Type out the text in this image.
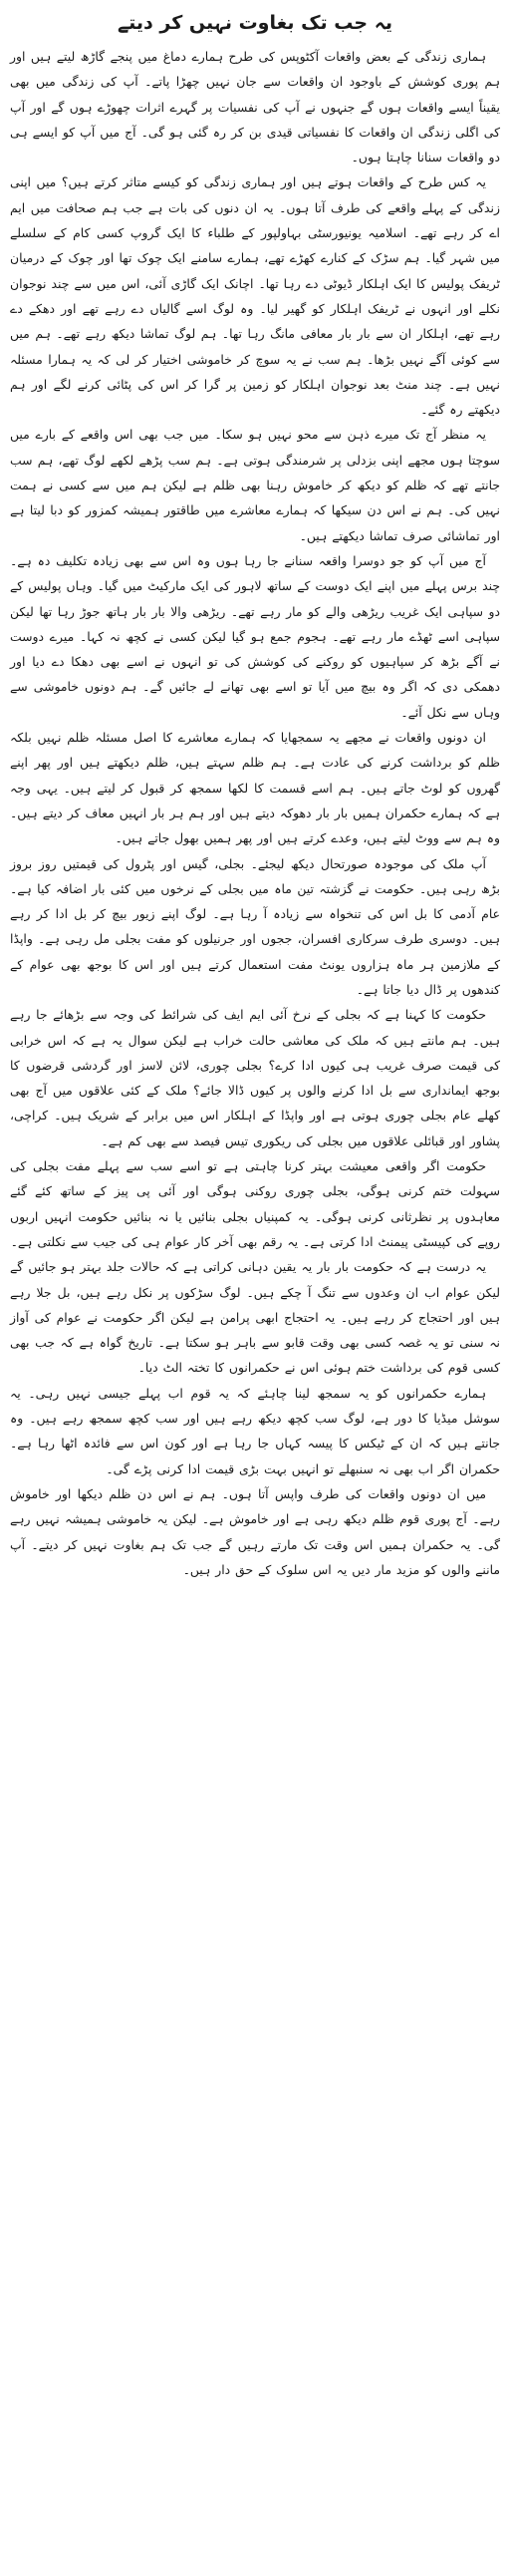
یہ جب تک بغاوت نہیں کر دیتے

ہماری زندگی کے بعض واقعات آکٹوپس کی طرح ہمارے دماغ میں پنجے گاڑھ لیتے ہیں اور ہم پوری کوشش کے باوجود ان واقعات سے جان نہیں چھڑا پاتے۔ آپ کی زندگی میں بھی یقیناً ایسے واقعات ہوں گے جنہوں نے آپ کی نفسیات پر گہرے اثرات چھوڑے ہوں گے اور آپ کی اگلی زندگی ان واقعات کا نفسیاتی قیدی بن کر رہ گئی ہو گی۔ آج میں آپ کو ایسے ہی دو واقعات سنانا چاہتا ہوں۔

یہ کس طرح کے واقعات ہوتے ہیں اور ہماری زندگی کو کیسے متاثر کرتے ہیں؟ میں اپنی زندگی کے پہلے واقعے کی طرف آتا ہوں۔ یہ ان دنوں کی بات ہے جب ہم صحافت میں ایم اے کر رہے تھے۔ اسلامیہ یونیورسٹی بہاولپور کے طلباء کا ایک گروپ کسی کام کے سلسلے میں شہر گیا۔ ہم سڑک کے کنارے کھڑے تھے، ہمارے سامنے ایک چوک تھا اور چوک کے درمیان ٹریفک پولیس کا ایک اہلکار ڈیوٹی دے رہا تھا۔ اچانک ایک گاڑی آئی، اس میں سے چند نوجوان نکلے اور انہوں نے ٹریفک اہلکار کو گھیر لیا۔ وہ لوگ اسے گالیاں دے رہے تھے اور دھکے دے رہے تھے، اہلکار ان سے بار بار معافی مانگ رہا تھا۔ ہم لوگ تماشا دیکھ رہے تھے۔ ہم میں سے کوئی آگے نہیں بڑھا۔ ہم سب نے یہ سوچ کر خاموشی اختیار کر لی کہ یہ ہمارا مسئلہ نہیں ہے۔ چند منٹ بعد نوجوان اہلکار کو زمین پر گرا کر اس کی پٹائی کرنے لگے اور ہم دیکھتے رہ گئے۔

یہ منظر آج تک میرے ذہن سے محو نہیں ہو سکا۔ میں جب بھی اس واقعے کے بارے میں سوچتا ہوں مجھے اپنی بزدلی پر شرمندگی ہوتی ہے۔ ہم سب پڑھے لکھے لوگ تھے، ہم سب جانتے تھے کہ ظلم کو دیکھ کر خاموش رہنا بھی ظلم ہے لیکن ہم میں سے کسی نے ہمت نہیں کی۔ ہم نے اس دن سیکھا کہ ہمارے معاشرے میں طاقتور ہمیشہ کمزور کو دبا لیتا ہے اور تماشائی صرف تماشا دیکھتے ہیں۔

آج میں آپ کو جو دوسرا واقعہ سنانے جا رہا ہوں وہ اس سے بھی زیادہ تکلیف دہ ہے۔ چند برس پہلے میں اپنے ایک دوست کے ساتھ لاہور کی ایک مارکیٹ میں گیا۔ وہاں پولیس کے دو سپاہی ایک غریب ریڑھی والے کو مار رہے تھے۔ ریڑھی والا بار بار ہاتھ جوڑ رہا تھا لیکن سپاہی اسے ٹھڈے مار رہے تھے۔ ہجوم جمع ہو گیا لیکن کسی نے کچھ نہ کہا۔ میرے دوست نے آگے بڑھ کر سپاہیوں کو روکنے کی کوشش کی تو انہوں نے اسے بھی دھکا دے دیا اور دھمکی دی کہ اگر وہ بیچ میں آیا تو اسے بھی تھانے لے جائیں گے۔ ہم دونوں خاموشی سے وہاں سے نکل آئے۔

ان دونوں واقعات نے مجھے یہ سمجھایا کہ ہمارے معاشرے کا اصل مسئلہ ظلم نہیں بلکہ ظلم کو برداشت کرنے کی عادت ہے۔ ہم ظلم سہتے ہیں، ظلم دیکھتے ہیں اور پھر اپنے گھروں کو لوٹ جاتے ہیں۔ ہم اسے قسمت کا لکھا سمجھ کر قبول کر لیتے ہیں۔ یہی وجہ ہے کہ ہمارے حکمران ہمیں بار بار دھوکہ دیتے ہیں اور ہم ہر بار انہیں معاف کر دیتے ہیں۔ وہ ہم سے ووٹ لیتے ہیں، وعدے کرتے ہیں اور پھر ہمیں بھول جاتے ہیں۔

آپ ملک کی موجودہ صورتحال دیکھ لیجئے۔ بجلی، گیس اور پٹرول کی قیمتیں روز بروز بڑھ رہی ہیں۔ حکومت نے گزشتہ تین ماہ میں بجلی کے نرخوں میں کئی بار اضافہ کیا ہے۔ عام آدمی کا بل اس کی تنخواہ سے زیادہ آ رہا ہے۔ لوگ اپنے زیور بیچ کر بل ادا کر رہے ہیں۔ دوسری طرف سرکاری افسران، ججوں اور جرنیلوں کو مفت بجلی مل رہی ہے۔ واپڈا کے ملازمین ہر ماہ ہزاروں یونٹ مفت استعمال کرتے ہیں اور اس کا بوجھ بھی عوام کے کندھوں پر ڈال دیا جاتا ہے۔

حکومت کا کہنا ہے کہ بجلی کے نرخ آئی ایم ایف کی شرائط کی وجہ سے بڑھائے جا رہے ہیں۔ ہم مانتے ہیں کہ ملک کی معاشی حالت خراب ہے لیکن سوال یہ ہے کہ اس خرابی کی قیمت صرف غریب ہی کیوں ادا کرے؟ بجلی چوری، لائن لاسز اور گردشی قرضوں کا بوجھ ایمانداری سے بل ادا کرنے والوں پر کیوں ڈالا جائے؟ ملک کے کئی علاقوں میں آج بھی کھلے عام بجلی چوری ہوتی ہے اور واپڈا کے اہلکار اس میں برابر کے شریک ہیں۔ کراچی، پشاور اور قبائلی علاقوں میں بجلی کی ریکوری تیس فیصد سے بھی کم ہے۔

حکومت اگر واقعی معیشت بہتر کرنا چاہتی ہے تو اسے سب سے پہلے مفت بجلی کی سہولت ختم کرنی ہوگی، بجلی چوری روکنی ہوگی اور آئی پی پیز کے ساتھ کئے گئے معاہدوں پر نظرثانی کرنی ہوگی۔ یہ کمپنیاں بجلی بنائیں یا نہ بنائیں حکومت انہیں اربوں روپے کی کپیسٹی پیمنٹ ادا کرتی ہے۔ یہ رقم بھی آخر کار عوام ہی کی جیب سے نکلتی ہے۔

یہ درست ہے کہ حکومت بار بار یہ یقین دہانی کراتی ہے کہ حالات جلد بہتر ہو جائیں گے لیکن عوام اب ان وعدوں سے تنگ آ چکے ہیں۔ لوگ سڑکوں پر نکل رہے ہیں، بل جلا رہے ہیں اور احتجاج کر رہے ہیں۔ یہ احتجاج ابھی پرامن ہے لیکن اگر حکومت نے عوام کی آواز نہ سنی تو یہ غصہ کسی بھی وقت قابو سے باہر ہو سکتا ہے۔ تاریخ گواہ ہے کہ جب بھی کسی قوم کی برداشت ختم ہوئی اس نے حکمرانوں کا تختہ الٹ دیا۔

ہمارے حکمرانوں کو یہ سمجھ لینا چاہئے کہ یہ قوم اب پہلے جیسی نہیں رہی۔ یہ سوشل میڈیا کا دور ہے، لوگ سب کچھ دیکھ رہے ہیں اور سب کچھ سمجھ رہے ہیں۔ وہ جانتے ہیں کہ ان کے ٹیکس کا پیسہ کہاں جا رہا ہے اور کون اس سے فائدہ اٹھا رہا ہے۔ حکمران اگر اب بھی نہ سنبھلے تو انہیں بہت بڑی قیمت ادا کرنی پڑے گی۔

میں ان دونوں واقعات کی طرف واپس آتا ہوں۔ ہم نے اس دن ظلم دیکھا اور خاموش رہے۔ آج پوری قوم ظلم دیکھ رہی ہے اور خاموش ہے۔ لیکن یہ خاموشی ہمیشہ نہیں رہے گی۔ یہ حکمران ہمیں اس وقت تک مارتے رہیں گے جب تک ہم بغاوت نہیں کر دیتے۔ آپ ماننے والوں کو مزید مار دیں یہ اس سلوک کے حق دار ہیں۔
